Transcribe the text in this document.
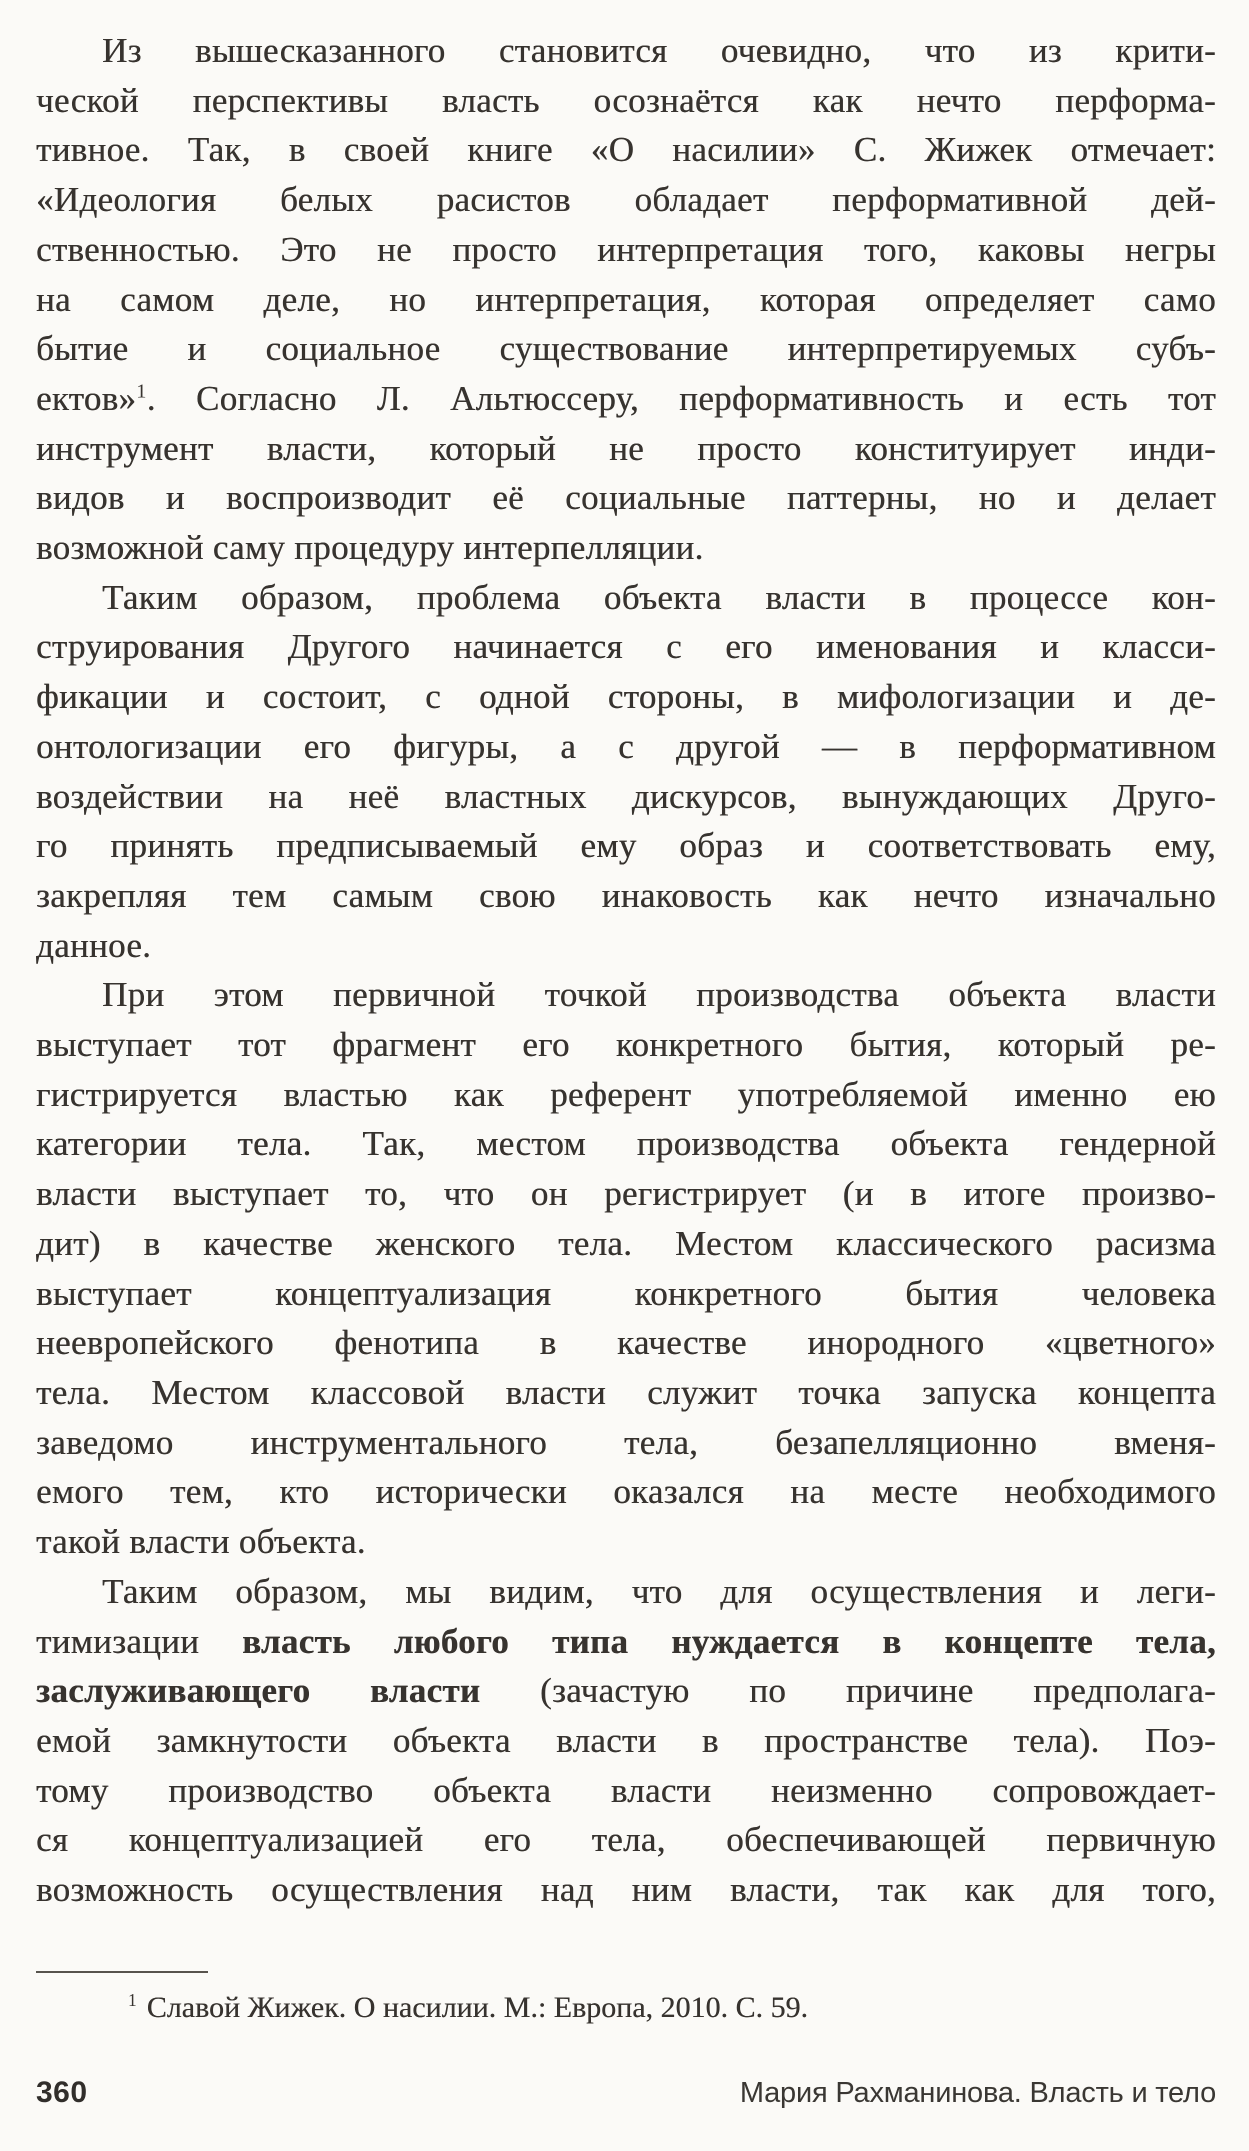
Из вышесказанного становится очевидно, что из крити-
ческой перспективы власть осознаётся как нечто перформа-
тивное. Так, в своей книге «О насилии» С. Жижек отмечает:
«Идеология белых расистов обладает перформативной дей-
ственностью. Это не просто интерпретация того, каковы негры
на самом деле, но интерпретация, которая определяет само
бытие и социальное существование интерпретируемых субъ-
ектов»$^1$. Согласно Л. Альтюссеру, перформативность и есть тот
инструмент власти, который не просто конституирует инди-
видов и воспроизводит её социальные паттерны, но и делает
возможной саму процедуру интерпелляции.
Таким образом, проблема объекта власти в процессе кон-
струирования Другого начинается с его именования и класси-
фикации и состоит, с одной стороны, в мифологизации и де-
онтологизации его фигуры, а с другой — в перформативном
воздействии на неё властных дискурсов, вынуждающих Друго-
го принять предписываемый ему образ и соответствовать ему,
закрепляя тем самым свою инаковость как нечто изначально
данное.
При этом первичной точкой производства объекта власти
выступает тот фрагмент его конкретного бытия, который ре-
гистрируется властью как референт употребляемой именно ею
категории тела. Так, местом производства объекта гендерной
власти выступает то, что он регистрирует (и в итоге произво-
дит) в качестве женского тела. Местом классического расизма
выступает концептуализация конкретного бытия человека
неевропейского фенотипа в качестве инородного «цветного»
тела. Местом классовой власти служит точка запуска концепта
заведомо инструментального тела, безапелляционно вменя-
емого тем, кто исторически оказался на месте необходимого
такой власти объекта.
Таким образом, мы видим, что для осуществления и леги-
тимизации власть любого типа нуждается в концепте тела,
заслуживающего власти (зачастую по причине предполага-
емой замкнутости объекта власти в пространстве тела). Поэ-
тому производство объекта власти неизменно сопровождает-
ся концептуализацией его тела, обеспечивающей первичную
возможность осуществления над ним власти, так как для того,
$^1$ Славой Жижек. О насилии. М.: Европа, 2010. С. 59.
360	Мария Рахманинова. Власть и тело
